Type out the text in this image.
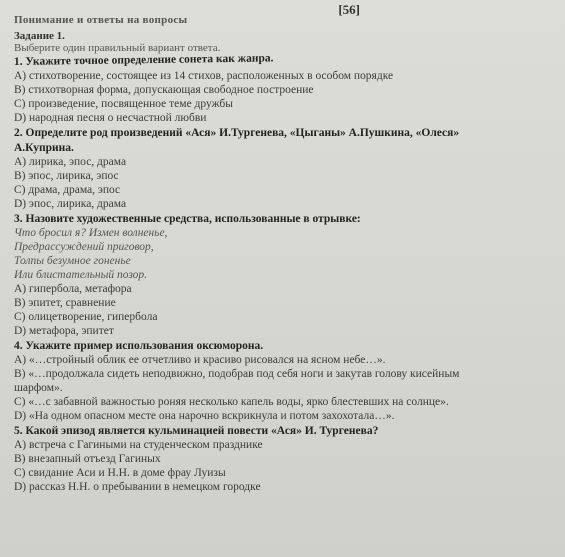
[56]
Понимание и ответы на вопросы
Задание 1.
Выберите один правильный вариант ответа.
1. Укажите точное определение сонета как жанра.
A) стихотворение, состоящее из 14 стихов, расположенных в особом порядке
B) стихотворная форма, допускающая свободное построение
C) произведение, посвященное теме дружбы
D) народная песня о несчастной любви
2. Определите род произведений «Ася» И.Тургенева, «Цыганы» А.Пушкина, «Олеся»
А.Куприна.
A) лирика, эпос, драма
B) эпос, лирика, эпос
C) драма, драма, эпос
D) эпос, лирика, драма
3. Назовите художественные средства, использованные в отрывке:
Что бросил я? Измен волненье,
Предрассуждений приговор,
Толпы безумное гоненье
Или блистательный позор.
A) гипербола, метафора
B) эпитет, сравнение
C) олицетворение, гипербола
D) метафора, эпитет
4. Укажите пример использования оксюморона.
A) «…стройный облик ее отчетливо и красиво рисовался на ясном небе…».
B) «…продолжала сидеть неподвижно, подобрав под себя ноги и закутав голову кисейным
шарфом».
C) «…с забавной важностью роняя несколько капель воды, ярко блестевших на солнце».
D) «На одном опасном месте она нарочно вскрикнула и потом захохотала…».
5. Какой эпизод является кульминацией повести «Ася» И. Тургенева?
A) встреча с Гагиными на студенческом празднике
B) внезапный отъезд Гагиных
C) свидание Аси и Н.Н. в доме фрау Луизы
D) рассказ Н.Н. о пребывании в немецком городке
